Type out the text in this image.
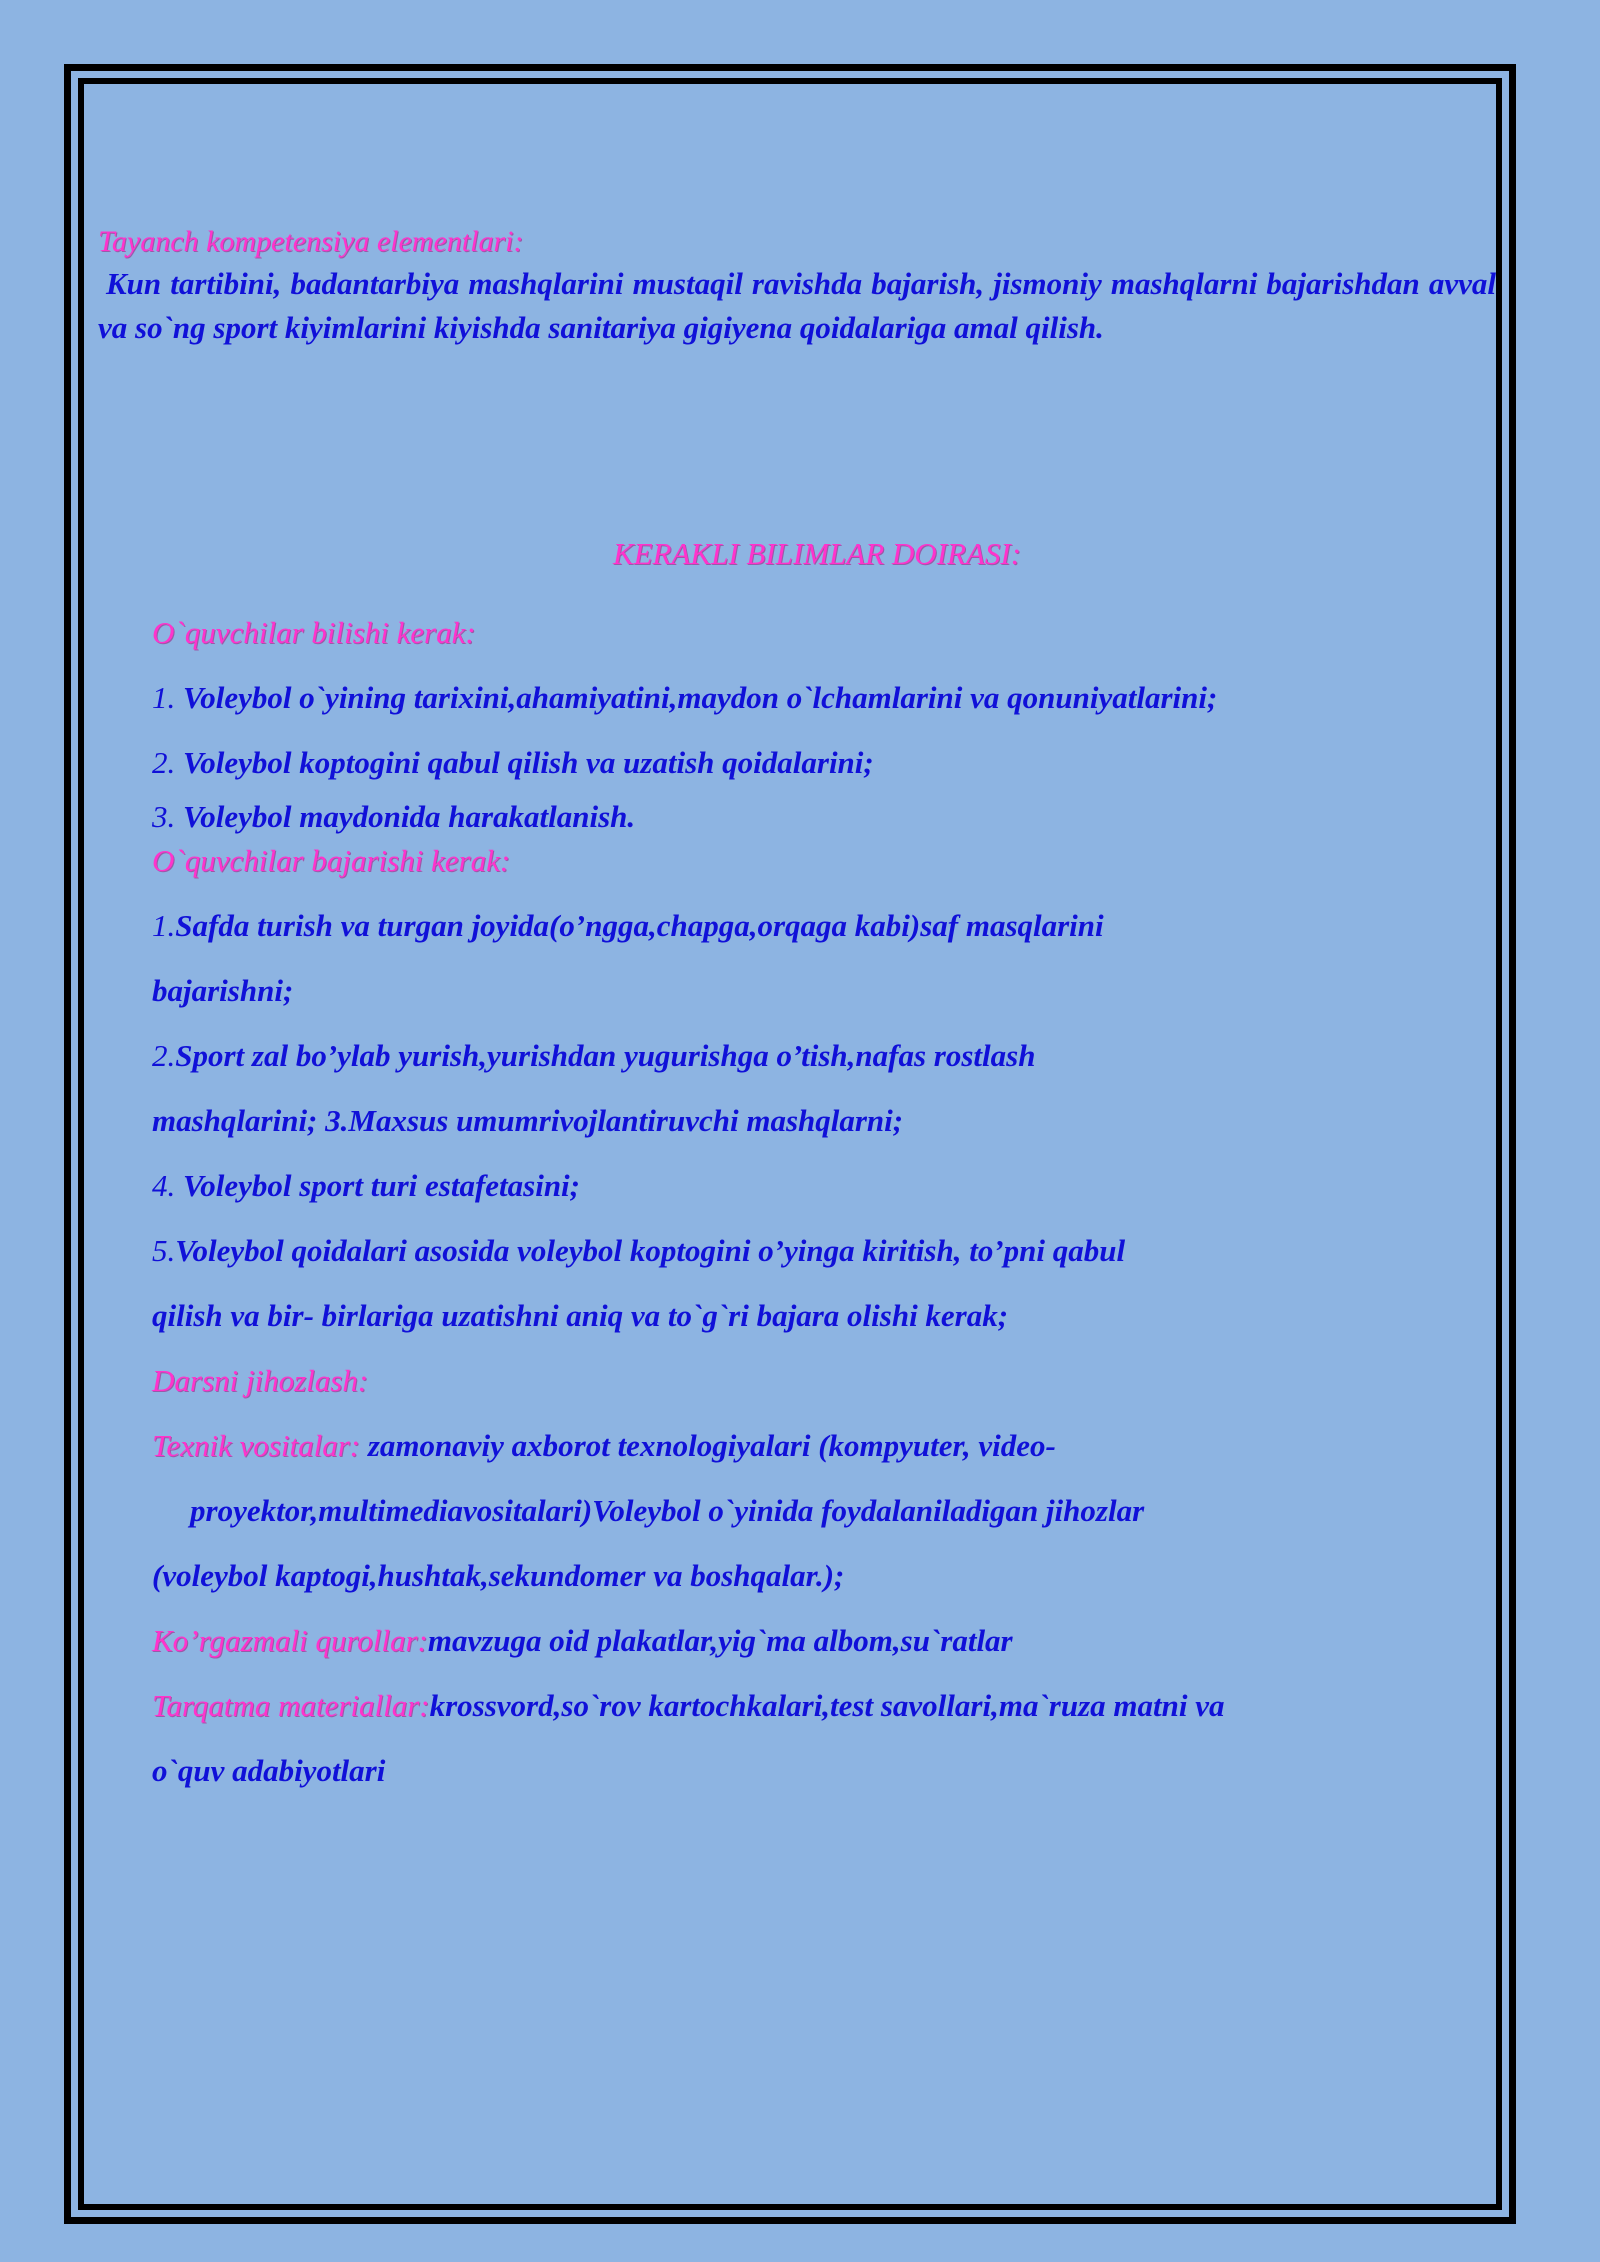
Tayanch kompetensiya elementlari:

Kun tartibini, badantarbiya mashqlarini mustaqil ravishda bajarish, jismoniy mashqlarni bajarishdan avval va so`ng sport kiyimlarini kiyishda sanitariya gigiyena qoidalariga amal qilish.

KERAKLI BILIMLAR DOIRASI:

O`quvchilar bilishi kerak:

1. Voleybol o`yining tarixini,ahamiyatini,maydon o`lchamlarini va qonuniyatlarini;

2. Voleybol koptogini qabul qilish va uzatish qoidalarini;

3. Voleybol maydonida harakatlanish.

O`quvchilar bajarishi kerak:

1.Safda turish va turgan joyida(o’ngga,chapga,orqaga kabi)saf masqlarini

bajarishni;

2.Sport zal bo’ylab yurish,yurishdan yugurishga o’tish,nafas rostlash

mashqlarini; 3.Maxsus umumrivojlantiruvchi mashqlarni;

4. Voleybol sport turi estafetasini;

5.Voleybol qoidalari asosida voleybol koptogini o’yinga kiritish, to’pni qabul

qilish va bir- birlariga uzatishni aniq va to`g`ri bajara olishi kerak;

Darsni jihozlash:

Texnik vositalar: zamonaviy axborot texnologiyalari (kompyuter, video-

proyektor,multimediavositalari)Voleybol o`yinida foydalaniladigan jihozlar

(voleybol kaptogi,hushtak,sekundomer va boshqalar.);

Ko’rgazmali qurollar:mavzuga oid plakatlar,yig`ma albom,su`ratlar

Tarqatma materiallar:krossvord,so`rov kartochkalari,test savollari,ma`ruza matni va

o`quv adabiyotlari
